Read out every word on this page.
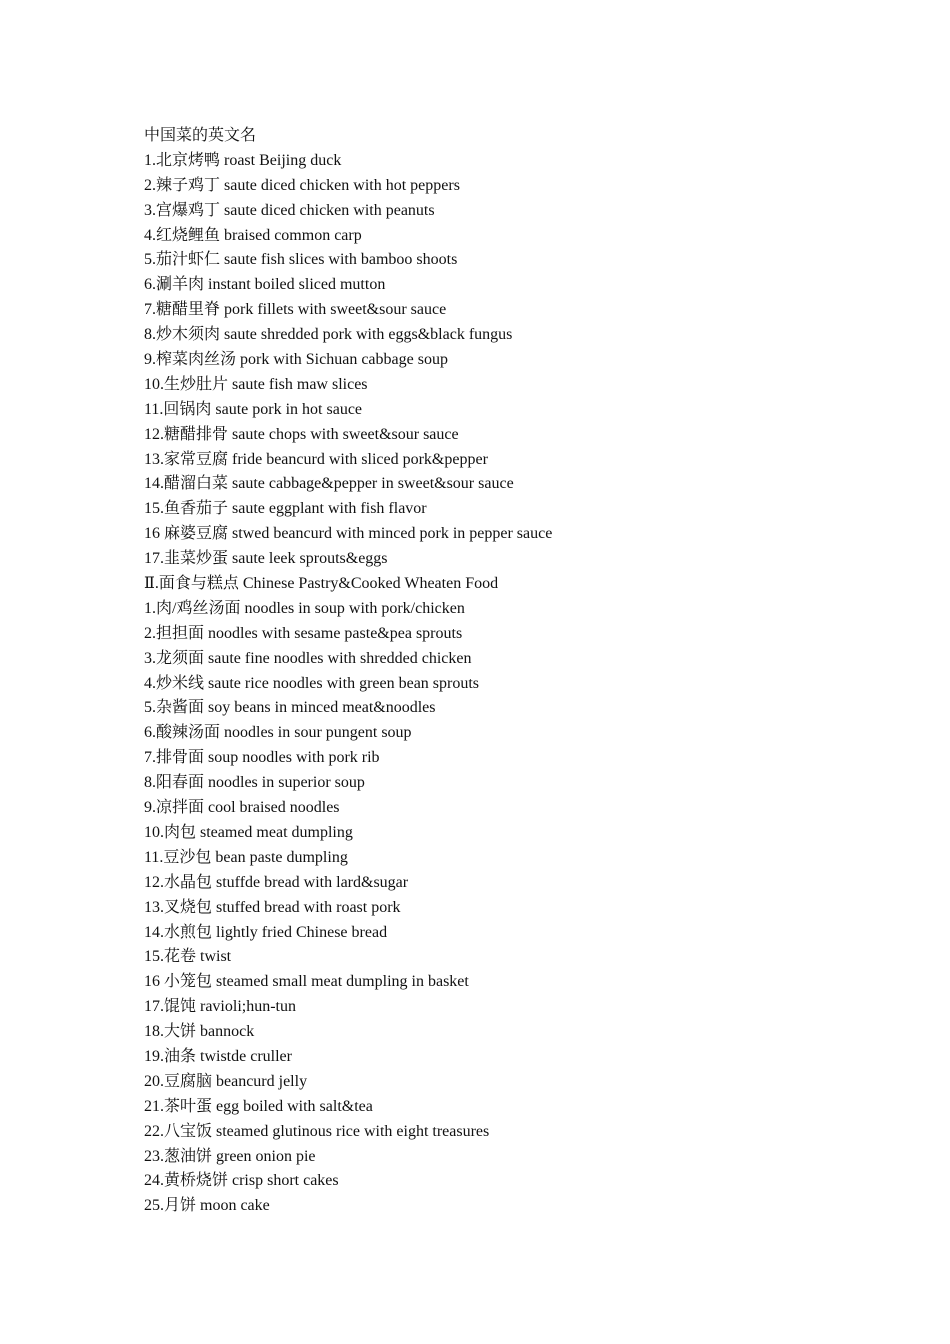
中国菜的英文名
1.北京烤鸭 roast Beijing duck
2.辣子鸡丁 saute diced chicken with hot peppers
3.宫爆鸡丁 saute diced chicken with peanuts
4.红烧鲤鱼 braised common carp
5.茄汁虾仁 saute fish slices with bamboo shoots
6.涮羊肉 instant boiled sliced mutton
7.糖醋里脊 pork fillets with sweet&sour sauce
8.炒木须肉 saute shredded pork with eggs&black fungus
9.榨菜肉丝汤 pork with Sichuan cabbage soup
10.生炒肚片 saute fish maw slices
11.回锅肉 saute pork in hot sauce
12.糖醋排骨 saute chops with sweet&sour sauce
13.家常豆腐 fride beancurd with sliced pork&pepper
14.醋溜白菜 saute cabbage&pepper in sweet&sour sauce
15.鱼香茄子 saute eggplant with fish flavor
16 麻婆豆腐 stwed beancurd with minced pork in pepper sauce
17.韭菜炒蛋 saute leek sprouts&eggs
Ⅱ.面食与糕点 Chinese Pastry&Cooked Wheaten Food
1.肉/鸡丝汤面 noodles in soup with pork/chicken
2.担担面 noodles with sesame paste&pea sprouts
3.龙须面 saute fine noodles with shredded chicken
4.炒米线 saute rice noodles with green bean sprouts
5.杂酱面 soy beans in minced meat&noodles
6.酸辣汤面 noodles in sour pungent soup
7.排骨面 soup noodles with pork rib
8.阳春面 noodles in superior soup
9.凉拌面 cool braised noodles
10.肉包 steamed meat dumpling
11.豆沙包 bean paste dumpling
12.水晶包 stuffde bread with lard&sugar
13.叉烧包 stuffed bread with roast pork
14.水煎包 lightly fried Chinese bread
15.花卷 twist
16 小笼包 steamed small meat dumpling in basket
17.馄饨 ravioli;hun-tun
18.大饼 bannock
19.油条 twistde cruller
20.豆腐脑 beancurd jelly
21.茶叶蛋 egg boiled with salt&tea
22.八宝饭 steamed glutinous rice with eight treasures
23.葱油饼 green onion pie
24.黄桥烧饼 crisp short cakes
25.月饼 moon cake
